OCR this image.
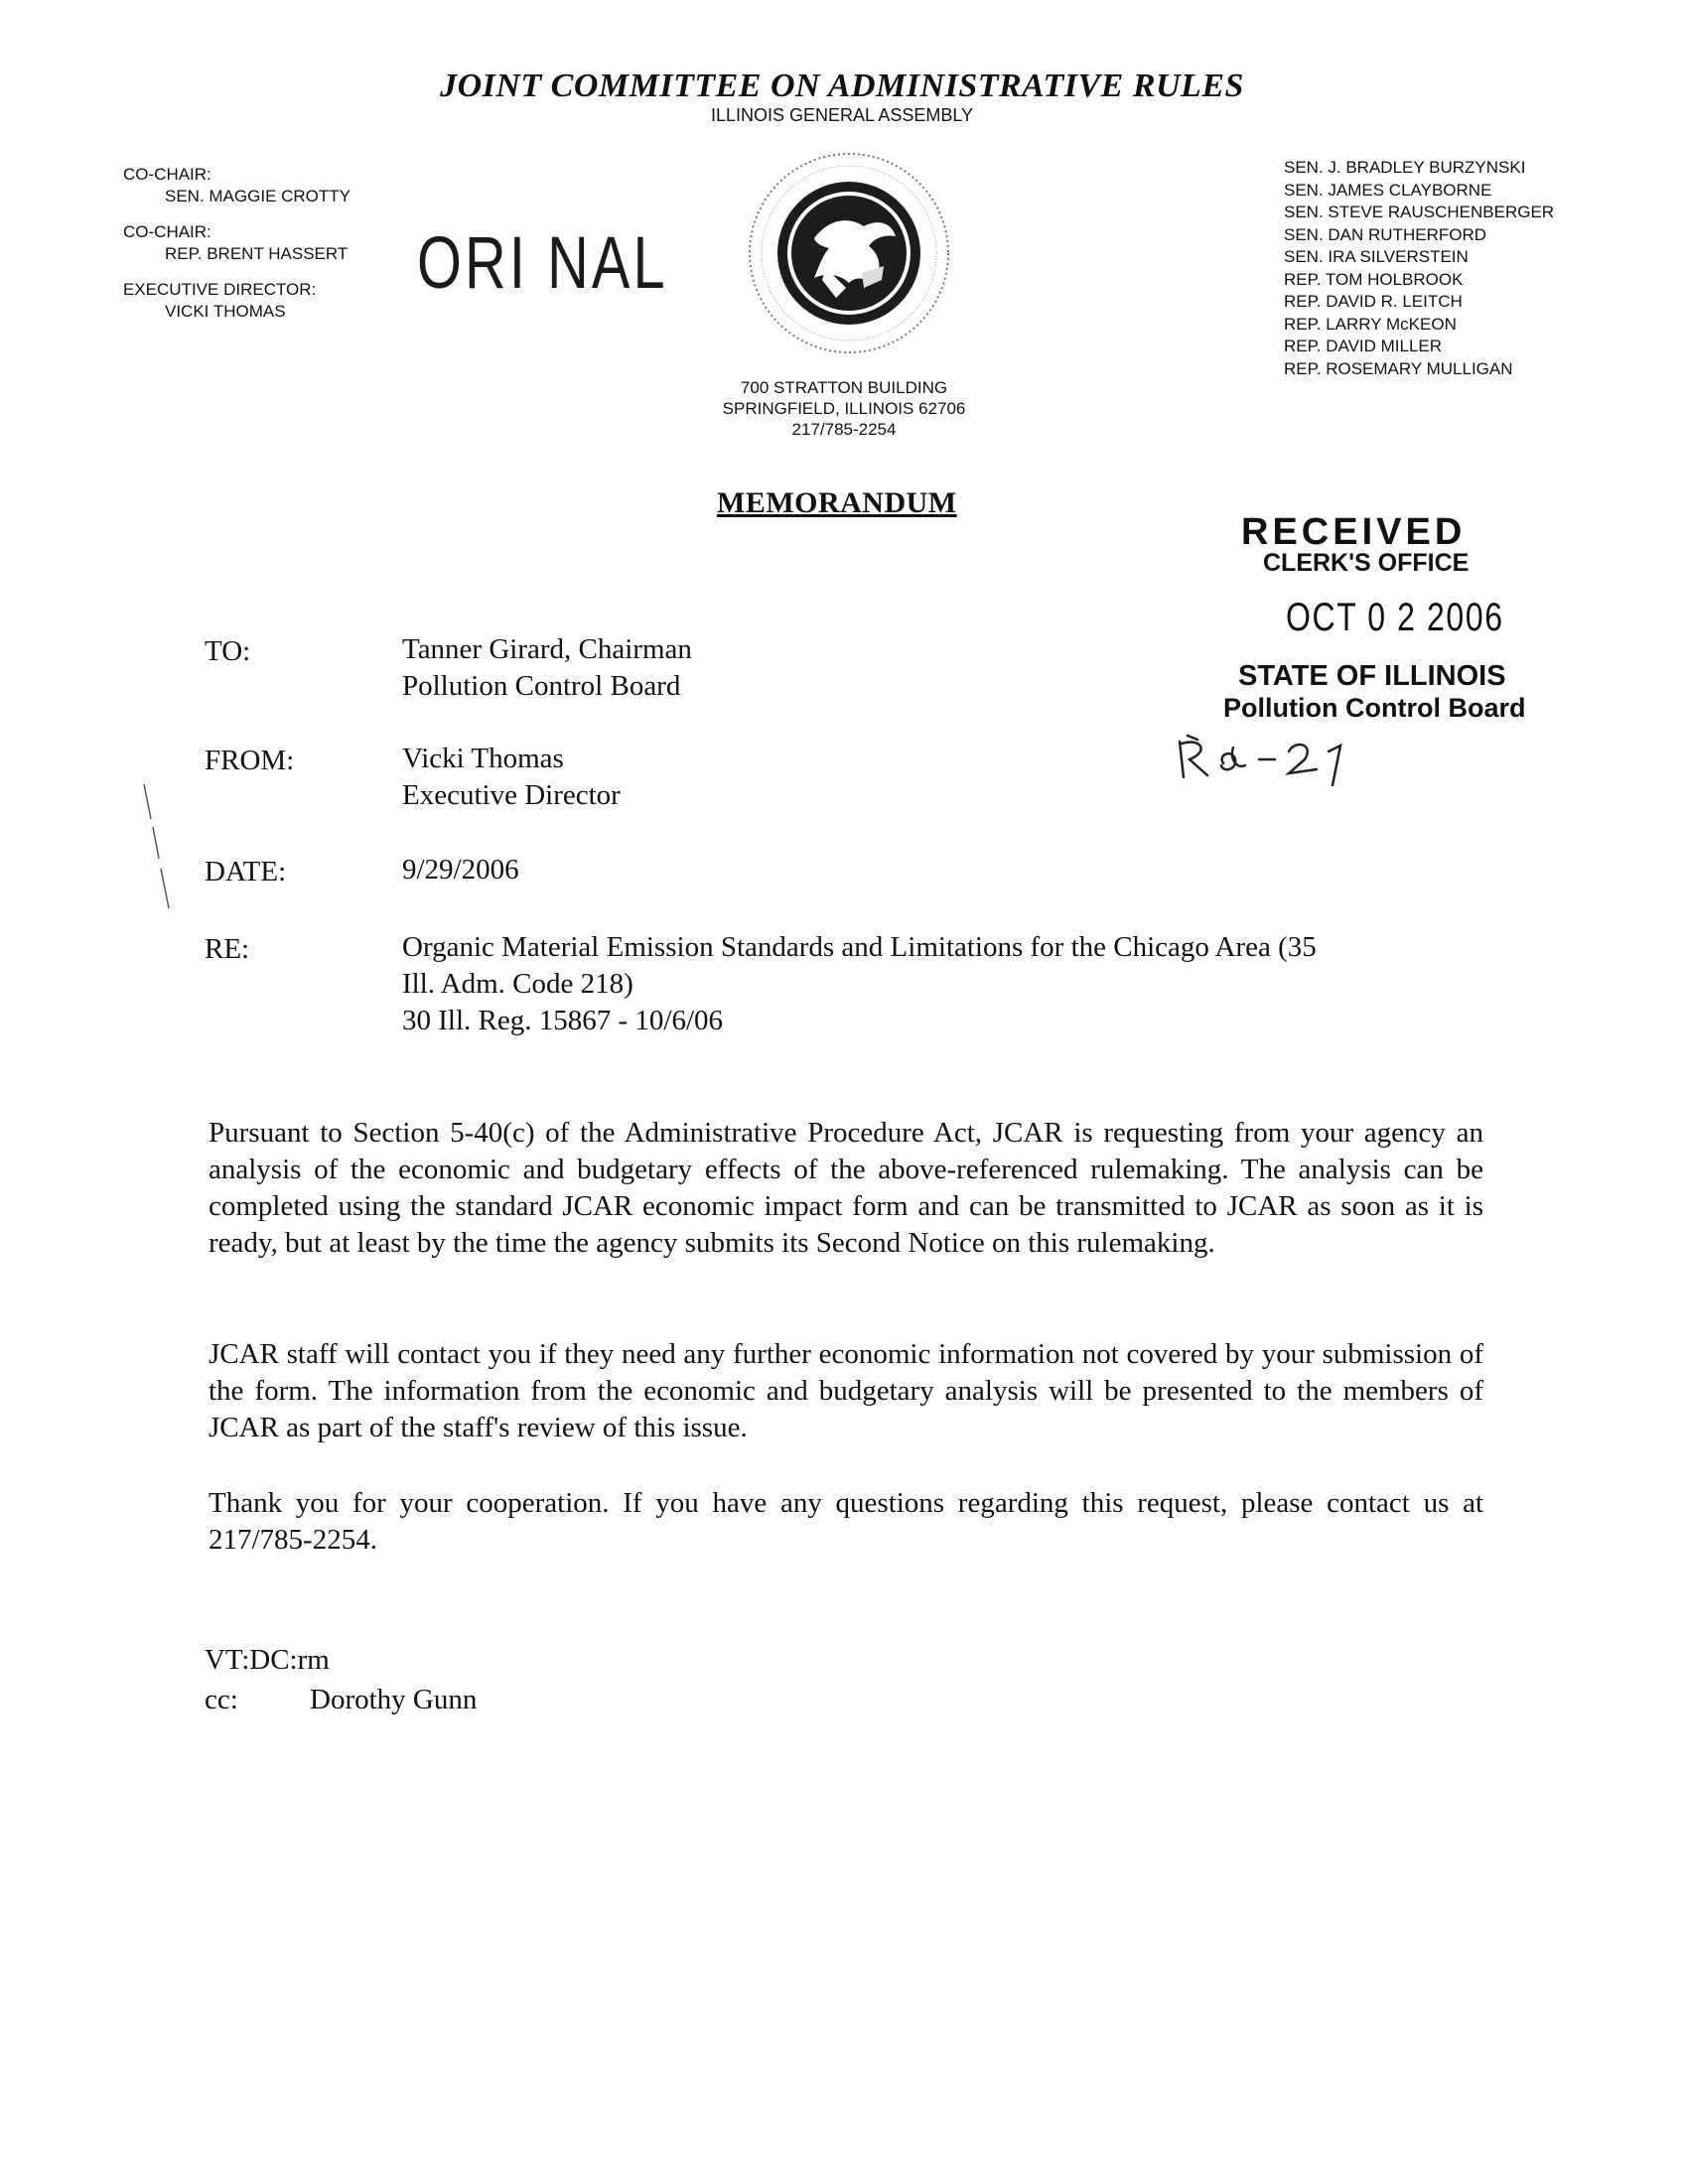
JOINT COMMITTEE ON ADMINISTRATIVE RULES
ILLINOIS GENERAL ASSEMBLY
CO-CHAIR:
SEN. MAGGIE CROTTY
CO-CHAIR:
REP. BRENT HASSERT
EXECUTIVE DIRECTOR:
VICKI THOMAS
ORI NAL
700 STRATTON BUILDING
SPRINGFIELD, ILLINOIS 62706
217/785-2254
SEN. J. BRADLEY BURZYNSKI
SEN. JAMES CLAYBORNE
SEN. STEVE RAUSCHENBERGER
SEN. DAN RUTHERFORD
SEN. IRA SILVERSTEIN
REP. TOM HOLBROOK
REP. DAVID R. LEITCH
REP. LARRY McKEON
REP. DAVID MILLER
REP. ROSEMARY MULLIGAN
MEMORANDUM
RECEIVED
CLERK'S OFFICE
OCT 0 2 2006
STATE OF ILLINOIS
Pollution Control Board
TO:	Tanner Girard, Chairman
Pollution Control Board
FROM:	Vicki Thomas
Executive Director
DATE:	9/29/2006
RE:	Organic Material Emission Standards and Limitations for the Chicago Area (35
Ill. Adm. Code 218)
30 Ill. Reg. 15867 - 10/6/06
Pursuant to Section 5-40(c) of the Administrative Procedure Act, JCAR is requesting from your agency an analysis of the economic and budgetary effects of the above-referenced rulemaking. The analysis can be completed using the standard JCAR economic impact form and can be transmitted to JCAR as soon as it is ready, but at least by the time the agency submits its Second Notice on this rulemaking.
JCAR staff will contact you if they need any further economic information not covered by your submission of the form. The information from the economic and budgetary analysis will be presented to the members of JCAR as part of the staff's review of this issue.
Thank you for your cooperation. If you have any questions regarding this request, please contact us at 217/785-2254.
VT:DC:rm
cc: Dorothy Gunn
